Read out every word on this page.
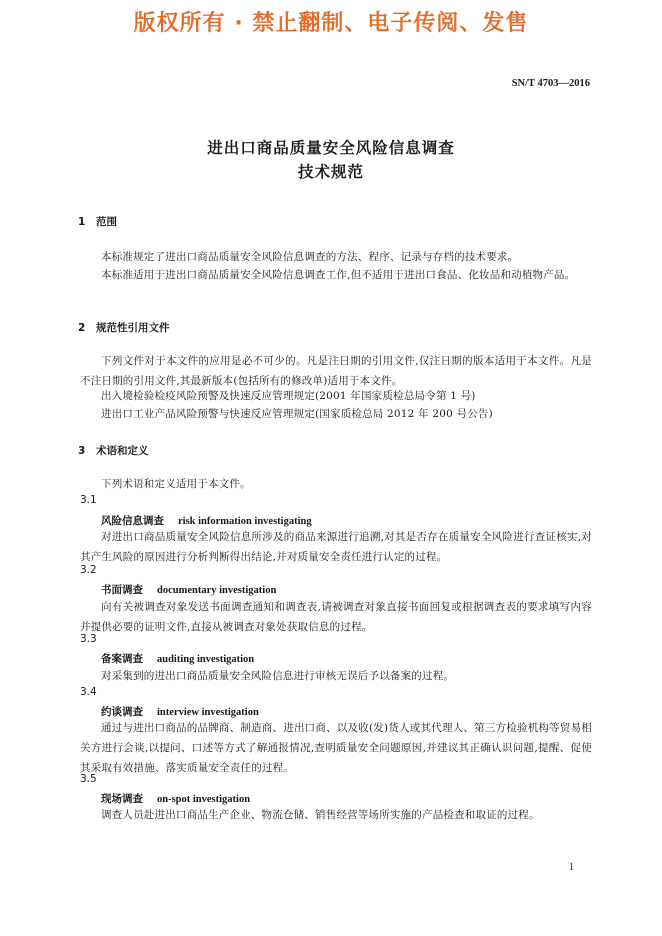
版权所有 · 禁止翻制、电子传阅、发售
SN/T 4703—2016
进出口商品质量安全风险信息调查
技术规范
1 范围
本标准规定了进出口商品质量安全风险信息调查的方法、程序、记录与存档的技术要求。
本标准适用于进出口商品质量安全风险信息调查工作,但不适用于进出口食品、化妆品和动植物产品。
2 规范性引用文件
下列文件对于本文件的应用是必不可少的。凡是注日期的引用文件,仅注日期的版本适用于本文件。凡是不注日期的引用文件,其最新版本(包括所有的修改单)适用于本文件。
出入境检验检疫风险预警及快速反应管理规定(2001 年国家质检总局令第 1 号)
进出口工业产品风险预警与快速反应管理规定(国家质检总局 2012 年 200 号公告)
3 术语和定义
下列术语和定义适用于本文件。
3.1
风险信息调查 risk information investigating
对进出口商品质量安全风险信息所涉及的商品来源进行追溯,对其是否存在质量安全风险进行查证核实,对其产生风险的原因进行分析判断得出结论,并对质量安全责任进行认定的过程。
3.2
书面调查 documentary investigation
向有关被调查对象发送书面调查通知和调查表,请被调查对象直接书面回复或根据调查表的要求填写内容并提供必要的证明文件,直接从被调查对象处获取信息的过程。
3.3
备案调查 auditing investigation
对采集到的进出口商品质量安全风险信息进行审核无误后予以备案的过程。
3.4
约谈调查 interview investigation
通过与进出口商品的品牌商、制造商、进出口商、以及收(发)货人或其代理人、第三方检验机构等贸易相关方进行会谈,以提问、口述等方式了解通报情况,查明质量安全问题原因,并建议其正确认识问题,提醒、促使其采取有效措施、落实质量安全责任的过程。
3.5
现场调查 on-spot investigation
调查人员赴进出口商品生产企业、物流仓储、销售经营等场所实施的产品检查和取证的过程。
1
